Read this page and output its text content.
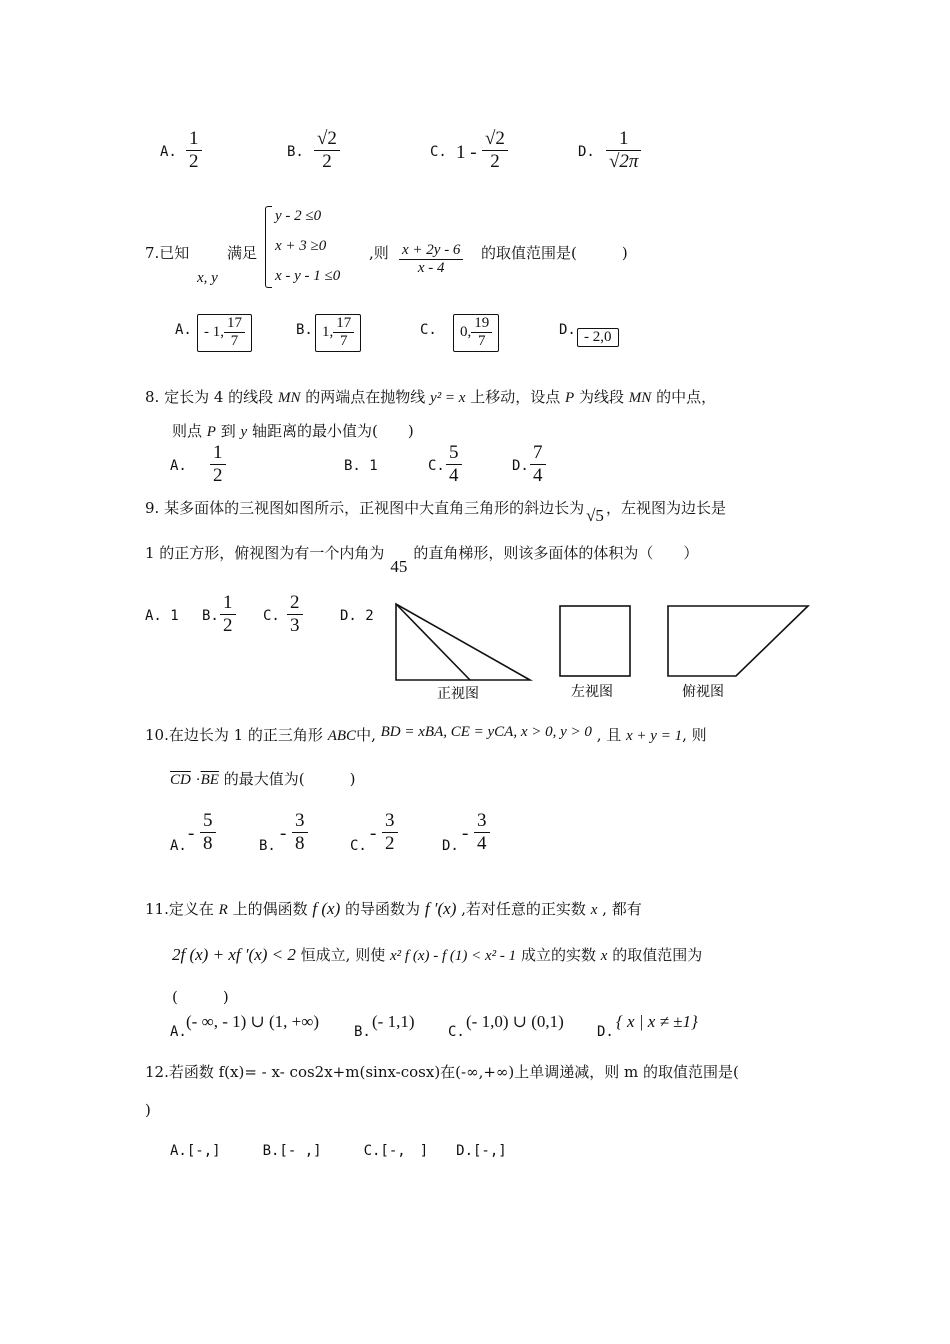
A. $\frac{1}{2}$	B. $\frac{√2}{2}$	C. $1 - \frac{√2}{2}$	D. $\frac{1}{√2\pi}$
7.已知
x, y
满足
y - 2 ≤0
x + 3 ≥0
x - y - 1 ≤0
,则 $\frac{x + 2y - 6}{x - 4}$ 的取值范围是(　　　)
A. - 1, $\frac{17}{7}$	B. 1, $\frac{17}{7}$	C.	0, $\frac{19}{7}$	D. - 2,0
8. 定长为 4 的线段 MN 的两端点在抛物线 y² = x 上移动，设点 P 为线段 MN 的中点，
则点 P 到 y 轴距离的最小值为(　　)
A. $\frac{1}{2}$	B. 1	C. $\frac{5}{4}$	D. $\frac{7}{4}$
9. 某多面体的三视图如图所示，正视图中大直角三角形的斜边长为 √5 ，左视图为边长是
1 的正方形，俯视图为有一个内角为45的直角梯形，则该多面体的体积为（　　）
A. 1 B. $\frac{1}{2} C$. $\frac{2}{3}$	D. 2
正视图	左视图	俯视图
10.在边长为 1 的正三角形 ABC中, BD = xBA, CE = yCA, x > 0, y > 0 , 且 x + y = 1, 则
$\overline{CD} \cdot\overline{BE}$ 的最大值为(　　　)
A.
- $\frac{5}{8}$	B.
- $\frac{3}{8}$	C.
- $\frac{3}{2}$	D.
- $\frac{3}{4}$
11.定义在 R 上的偶函数 f (x) 的导函数为 f ′(x) ,若对任意的正实数 x , 都有
2f (x) + xf ′(x) < 2 恒成立, 则使 x² f (x) - f (1) < x² - 1 成立的实数 x 的取值范围为
(　　　)
A.
(- ∞, - 1) ∪ (1, +∞)
B.
(- 1,1)
C.
(- 1,0) ∪ (0,1)
D.
{ x | x ≠ ±1}
12.若函数 f(x)= - x- cos2x+m(sinx-cosx)在(-∞,+∞)上单调递减，则 m 的取值范围是(
)
A.[-,]　　　B.[- ,]　　　C.[-,　]　　D.[-,]
